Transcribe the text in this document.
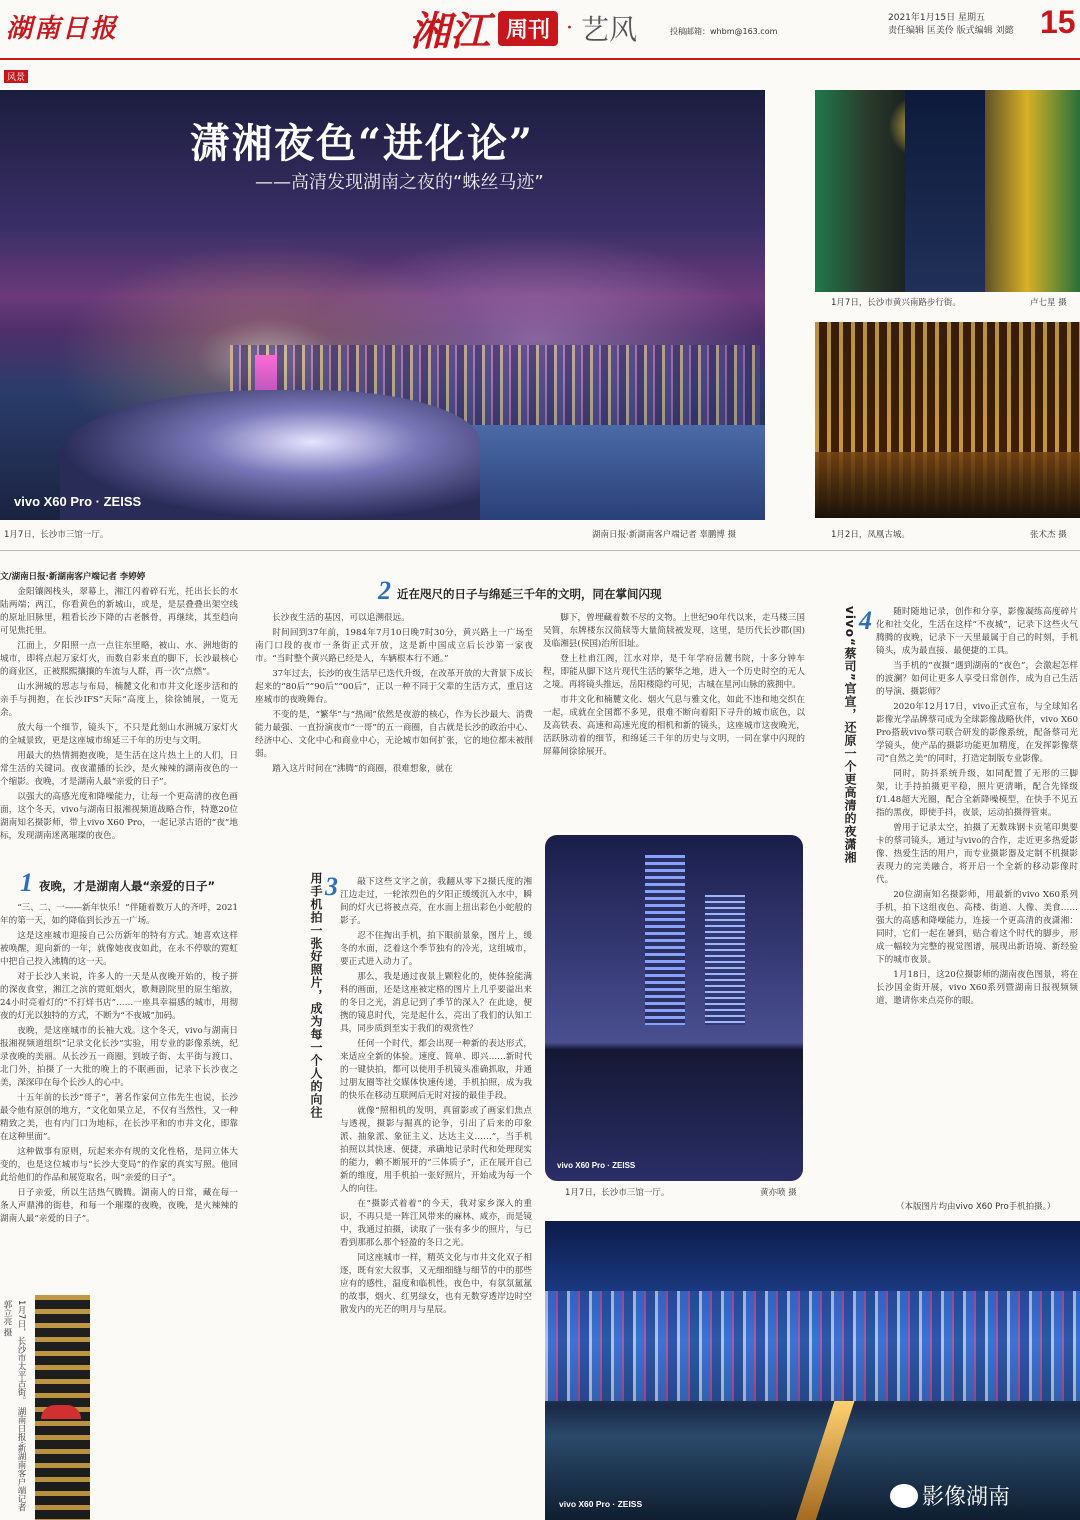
湖南日报	湘江 周刊 · 艺风	投稿邮箱：whbm@163.com
2021年1月15日 星期五
责任编辑 匡美伶 版式编辑 刘懿 15
风景
潇湘夜色“进化论”
——高清发现湖南之夜的“蛛丝马迹”
vivo X60 Pro · ZEISS
1月7日，长沙市三馆一厅。	湖南日报·新湖南客户端记者 辜鹏博 摄
1月7日，长沙市黄兴南路步行街。	卢七星 摄
1月2日，凤凰古城。	张术杰 摄
文/湖南日报·新湖南客户端记者 李婷婷

金阳镶阁栈头，翠幕上，湘江闪着碎石光，托出长长的水陆两端；两江，你看黄色的新城山，或是，是层叠叠出架空线的原址旧脉里，粗看长沙下降的古老骸骨，再继续，其至趋向可见焦托里。

江面上，夕阳照一点一点往东里略，被山、水、洲地街的城市，即将点起万家灯火，而数自彩来直的脚下，长沙最核心的商业区，正被熙熙攘攘的车流与人群，再一次“点燃”。

山水洲城的思志与布局，楠麓文化和市井文化逐步活和的亲手与拥抱，在长沙IFS“天际”高度上，徐徐铺展，一览无余。

放大每一个细节，镜头下，不只是此刻山水洲城万家灯火的全城景致，更是这座城市绵延三千年的历史与文明。

用最大的热情拥抱夜晚，是生活在这片热土上的人们，日常生活的关键词。夜夜灌播的长沙，是火辣辣的湖南夜色的一个缩影。夜晚，才是湖南人最“亲爱的日子”。

以强大的高感光度和降噪能力，让每一个更高清的夜色画面，这个冬天，vivo与湖南日报湘视频道战略合作，特邀20位湖南知名摄影师，带上vivo X60 Pro，一起记录古语的“夜”地标，发现湖南迷离璀璨的夜色。

1 夜晚，才是湖南人最“亲爱的日子”

“三、二、一——新年快乐！”伴随着数万人的齐呼，2021年的第一天，如约降临到长沙五一广场。

这是这座城市迎接自己公历新年的特有方式。她喜欢这样被唤醒，迎向新的一年，就像她夜夜如此，在永不停歇的霓虹中把自己投入沸腾的这一天。

对于长沙人来说，许多人的一天是从夜晚开始的，梭子拼的深夜食堂，湘江之滨的霓虹烟火，歌舞剧院里的原生缩放，24小时亮着灯的“不打烊书店”……一座具幸福感的城市，用彻夜的灯光以独特的方式，不断为“不夜城”加码。

夜晚，是这座城市的长袖大戏。这个冬天，vivo与湖南日报湘视频道组织“记录文化长沙”实验，用专业的影像系统，纪录夜晚的美丽。从长沙五一商圈，到坡子街、太平街与渡口、北门外，拍摄了一大批的晚上的不眠画面，记录下长沙夜之美，深深印在每个长沙人的心中。

十五年前的长沙“哥子”，著名作家何立伟先生也说，长沙最令他有原创的地方，“文化如果立足，不仅有当然性，又一种精致之美，也有内门口为地标，在长沙平和的市井文化，即靠在这种里面”。

这种做事有原则，玩起来亦有规的文化性格，是同立体大变的，也是这位城市与“长沙大变局”的作家的真实写照。他回此给他们的作品和展览取名，叫“亲爱的日子”。

日子亲爱，所以生活热气腾腾。湖南人的日常，藏在每一条人声鼎沸的街巷，和每一个璀璨的夜晚，夜晚，是火辣辣的湖南人最“亲爱的日子”。

1月7日，长沙市太平古街。 湖南日报·新湖南客户端记者 郭立亮 摄
2 近在咫尺的日子与绵延三千年的文明，同在掌间闪现

长沙夜生活的基因，可以追溯很远。

时间回到37年前，1984年7月10日晚7时30分，黄兴路上一广场至南门口段的夜市一条街正式开放，这是新中国成立后长沙第一家夜市。“当时整个黄兴路已经是人，车辆根本行不通。”

37年过去，长沙的夜生活早已迭代升级，在改革开放的大背景下成长起来的“80后”“90后”“00后”，正以一种不同于父辈的生活方式，重启这座城市的夜晚舞台。

不变的是，“繁华”与“热闹”依然是夜游的核心，作为长沙最大、消费能力最强、一直扮演夜市“一哥”的五一商圈，自古就是长沙的政治中心、经济中心、文化中心和商业中心，无论城市如何扩张，它的地位都未被削弱。

踏入这片时间在“沸腾”的商圈，很难想象，就在

脚下，曾埋藏着数不尽的文物。上世纪90年代以来，走马楼三国吴简，东牌楼东汉简牍等大量简牍被发现，这里，是历代长沙郡(国)及临湘县(侯国)治所旧址。

登上杜甫江阁，江水对岸，是千年学府岳麓书院，十多分钟车程，即能从脚下这片现代生活的繁华之地，进入一个历史时空的无人之境。再将镜头推远，岳阳楼隐约可见，古城在星河山脉的簇拥中。

市井文化和楠麓文化、烟火气息与雅文化，如此不违和地交织在一起，成就在全国都不多见，很难不断向着阳下寻升的城市底色，以及高铁表、高速和高速光度的相机和新的镜头，这座城市这夜晚光，活跃脉动着的细节，和绵延三千年的历史与文明，一同在掌中闪现的屏幕间徐徐展开。

3
用手机拍一张好照片，成为每一个人的向往	敲下这些文字之前，我翻从零下2摄氏度的湘江边走过，一轮浓烈色的夕阳正缓缓沉入水中，瞬间的灯火已将被点亮，在水面上扭出彩色小蛇般的影子。

忍不住掏出手机，拍下眼前景象，图片上，缓冬的水面，泛着这个季节独有的冷光，这组城市，要正式进入动力了。

那么，我是通过夜景上颗粒化的，使体验能满科的画面，还是这座被定格的图片上几乎要溢出来的冬日之光，消息记到了季节的深入？在此途，便携的镜息时代，完是起什么，亮出了我们的认知工具，同步质到至实于我们的观赏性？

任何一个时代，都会出现一种新的表达形式，来适应全新的体验。速度、简单、即兴……新时代的一键快拍，都可以使用手机镜头准确抓取，并通过朋友圈等社交媒体快速传递，手机拍照，成为我的快乐在移动互联网后无时对接的最佳手段。

就像“照相机的发明，真留影或了画家们焦点与透视，摄影与掘真的论争，引出了后来的印象派、抽象派、象征主义、达达主义……”，当手机拍照以其快速、便捷，承确地记录时代和处理现实的能力，赖不断展开的“三体质子”，正在展开自己新的维度，用手机拍一张好照片，开始成为每一个人的向往。

在“摄影式着着”的今天，我对家乡深入的重识，不再只是一阵江风带来的麻林、咸亦，而是镜中，我通过拍摄，读取了一张有多少的照片，与已看到那那么那个轻盈的冬日之光。

同这座城市一样，精英文化与市井文化双子相逐，既有宏大叙事，又无细细缝与细节的中的那些应有的感性，温度和临机性，夜色中，有氛氛氲氲的故事，烟火、红男绿女，也有无数穿透岸边时空散发内的光芒的明月与星辰。

4
vivo“蔡司”官宣，还原一个更高清的夜潇湘	随时随地记录，创作和分享，影像凝练高度碎片化和社交化，生活在这样“不夜城”，记录下这些火气腾腾的夜晚，记录下一天里最属于自己的时刻，手机镜头，成为最直接、最便捷的工具。

当手机的“夜摄”遇到湖南的“夜色”，会激起怎样的波澜？如何让更多人享受日常创作，成为自己生活的导演、摄影师？

2020年12月17日，vivo正式宣布，与全球知名影像光学品牌蔡司成为全球影像战略伙伴，vivo X60 Pro搭载vivo蔡司联合研发的影像系统，配备蔡司光学镜头，使产品的摄影功能更加精度，在发挥影像蔡司“自然之美”的同时，打造定制版专业影像。

同时，防抖系统升级，如同配置了无形的三脚架，让手持拍摄更平稳，照片更清晰，配合先锋级f/1.48超大光圈，配合全新降噪模型，在快手不见五指的黑夜，即使手抖，夜景，运动拍摄得管束。

曾用于记录太空，拍摄了无数珠钢卡贡笔印奥要卡的蔡司镜头，通过与vivo的合作，走近更多热爱影像、热爱生活的用户，而专业摄影器及定制不机摄影表现力的完美融合，将开启一个全新的移动影像时代。

20位湖南知名摄影师，用最新的vivo X60系列手机，拍下这组夜色、高楼、街道、人像、美食……强大的高感和降噪能力，连接一个更高清的夜潇湘：同时，它们一起在暑到，贴合着这个时代的脚步，形成一幅较为完整的视觉图谱，展现出新语境、新经验下的城市夜景。

1月18日，这20位摄影师的湖南夜色图景，将在长沙国金街开展，vivo X60系列暨湖南日报视频频道，邀请你来点亮你的眼。

vivo X60 Pro · ZEISS
1月7日，长沙市三馆一厅。	黄亦喷 摄
（本版图片均由vivo X60 Pro手机拍摄。）
vivo X60 Pro · ZEISS	影像湖南
